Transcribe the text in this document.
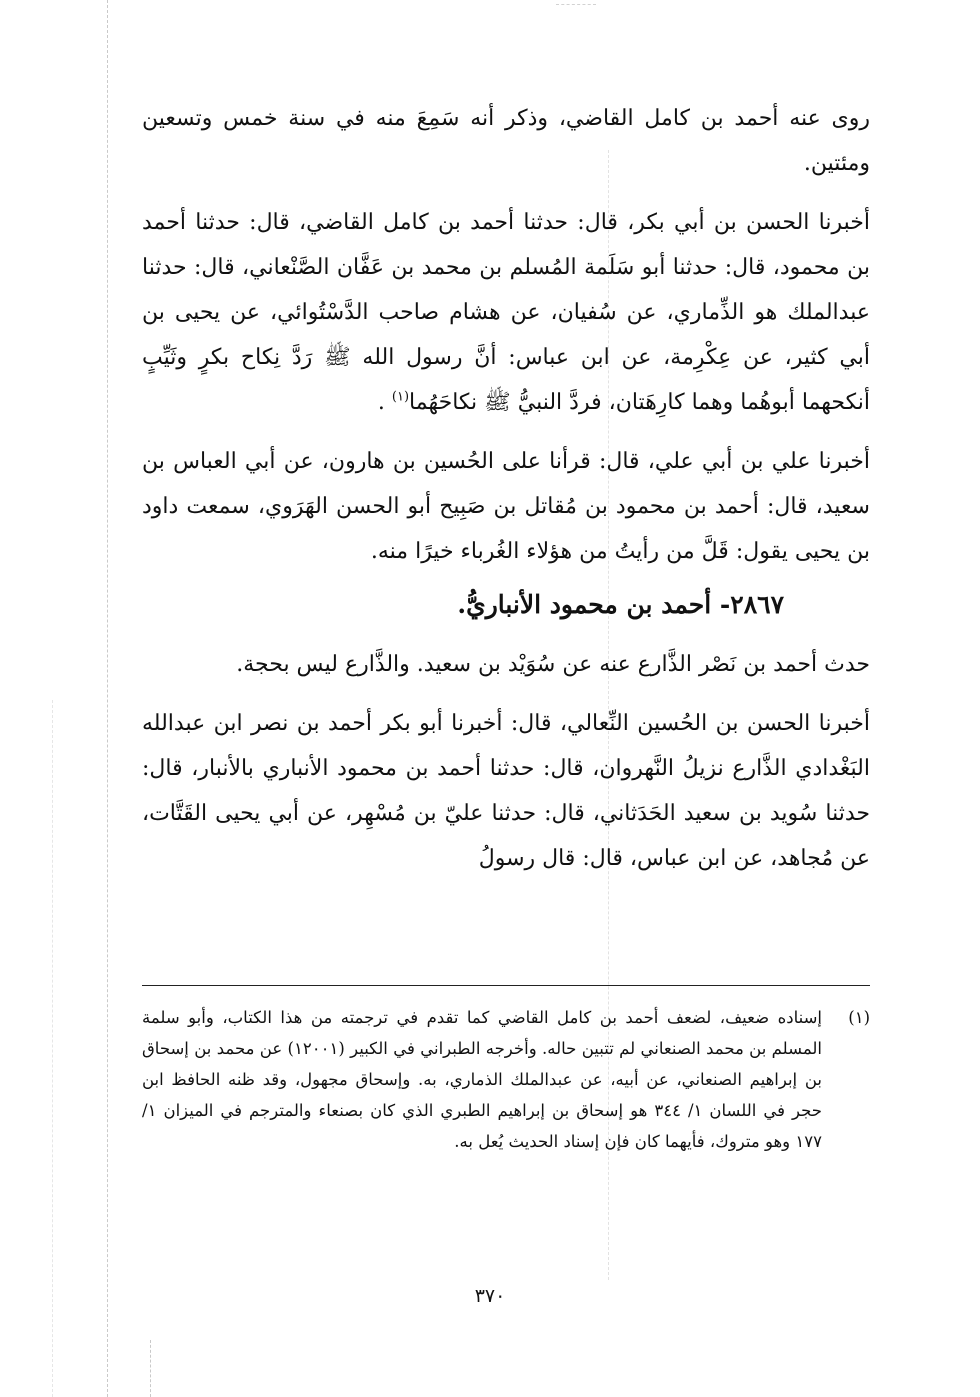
روى عنه أحمد بن كامل القاضي، وذكر أنه سَمِعَ منه في سنة خمس وتسعين ومئتين.

أخبرنا الحسن بن أبي بكر، قال: حدثنا أحمد بن كامل القاضي، قال: حدثنا أحمد بن محمود، قال: حدثنا أبو سَلَمة المُسلم بن محمد بن عَفَّان الصَّنْعاني، قال: حدثنا عبدالملك هو الذِّماري، عن سُفيان، عن هشام صاحب الدَّسْتُوائي، عن يحيى بن أبي كثير، عن عِكْرِمة، عن ابن عباس: أنَّ رسول الله ﷺ رَدَّ نِكاح بكرٍ وثَيِّبٍ أنكحهما أبوهُما وهما كارِهَتان، فردَّ النبيُّ ﷺ نكاحَهُما$^{(١)}$ .

أخبرنا علي بن أبي علي، قال: قرأنا على الحُسين بن هارون، عن أبي العباس بن سعيد، قال: أحمد بن محمود بن مُقاتل بن صَبِيح أبو الحسن الهَرَوي، سمعت داود بن يحيى يقول: قَلَّ من رأيتُ من هؤلاء الغُرباء خيرًا منه.

٢٨٦٧- أحمد بن محمود الأنباريُّ.

حدث أحمد بن نَصْر الذَّارع عنه عن سُوَيْد بن سعيد. والذَّارع ليس بحجة.

أخبرنا الحسن بن الحُسين النِّعالي، قال: أخبرنا أبو بكر أحمد بن نصر ابن عبدالله البَغْدادي الذَّارع نزيلُ النَّهروان، قال: حدثنا أحمد بن محمود الأنباري بالأنبار، قال: حدثنا سُويد بن سعيد الحَدَثاني، قال: حدثنا عليّ بن مُسْهِر، عن أبي يحيى القَتَّات، عن مُجاهد، عن ابن عباس، قال: قال رسولُ

(١)
إسناده ضعيف، لضعف أحمد بن كامل القاضي كما تقدم في ترجمته من هذا الكتاب، وأبو سلمة المسلم بن محمد الصنعاني لم تتبين حاله. وأخرجه الطبراني في الكبير (١٢٠٠١) عن محمد بن إسحاق بن إبراهيم الصنعاني، عن أبيه، عن عبدالملك الذماري، به. وإسحاق مجهول، وقد ظنه الحافظ ابن حجر في اللسان ١/ ٣٤٤ هو إسحاق بن إبراهيم الطبري الذي كان بصنعاء والمترجم في الميزان ١/ ١٧٧ وهو متروك، فأيهما كان فإن إسناد الحديث يُعل به.
٣٧٠
